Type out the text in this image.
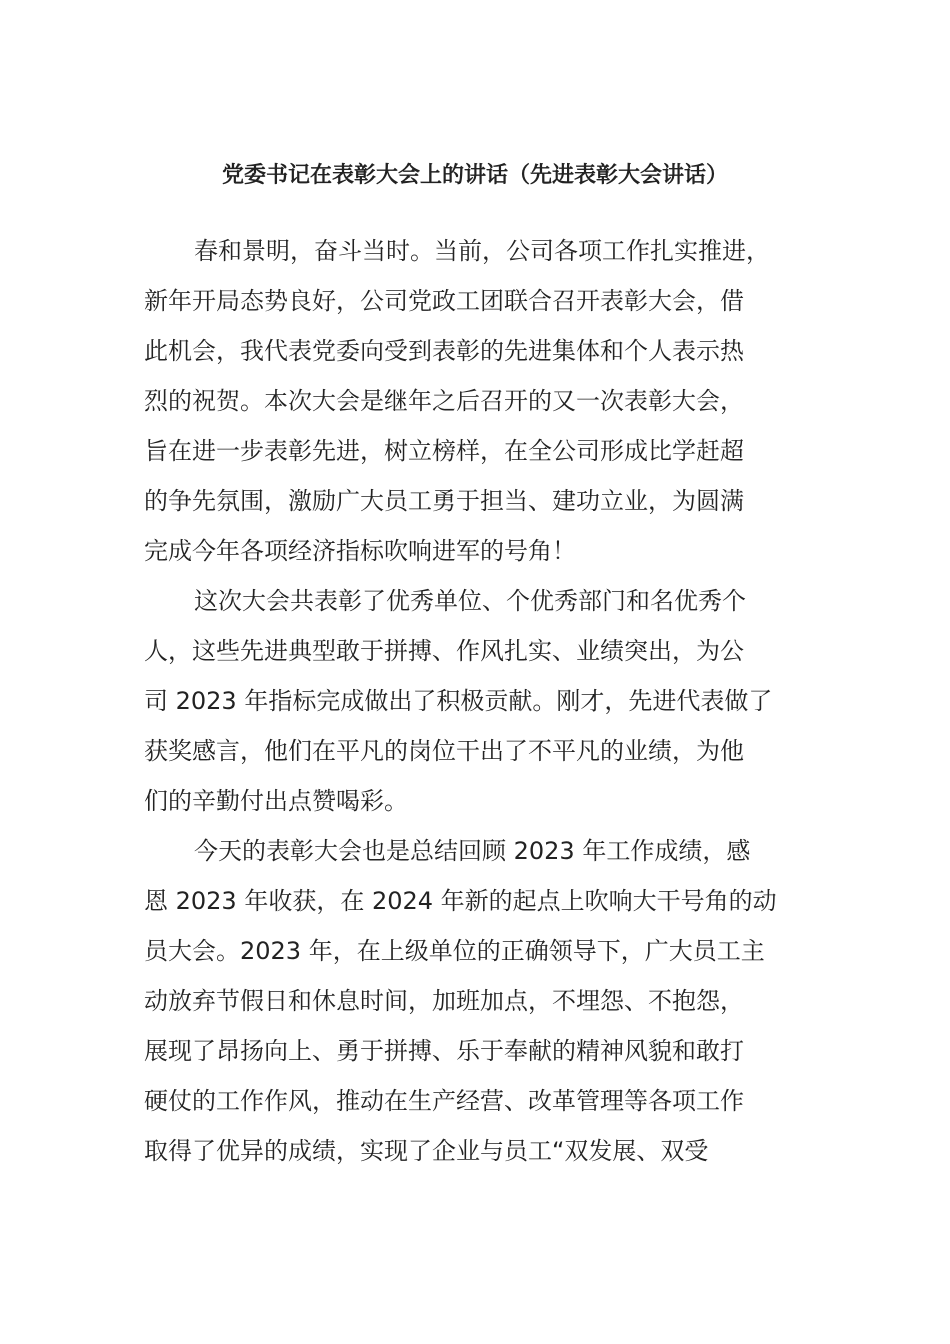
党委书记在表彰大会上的讲话（先进表彰大会讲话）
春和景明，奋斗当时。当前，公司各项工作扎实推进，
新年开局态势良好，公司党政工团联合召开表彰大会，借
此机会，我代表党委向受到表彰的先进集体和个人表示热
烈的祝贺。本次大会是继年之后召开的又一次表彰大会，
旨在进一步表彰先进，树立榜样，在全公司形成比学赶超
的争先氛围，激励广大员工勇于担当、建功立业，为圆满
完成今年各项经济指标吹响进军的号角！
这次大会共表彰了优秀单位、个优秀部门和名优秀个
人，这些先进典型敢于拼搏、作风扎实、业绩突出，为公
司 2023 年指标完成做出了积极贡献。刚才，先进代表做了
获奖感言，他们在平凡的岗位干出了不平凡的业绩，为他
们的辛勤付出点赞喝彩。
今天的表彰大会也是总结回顾 2023 年工作成绩，感
恩 2023 年收获，在 2024 年新的起点上吹响大干号角的动
员大会。2023 年，在上级单位的正确领导下，广大员工主
动放弃节假日和休息时间，加班加点，不埋怨、不抱怨，
展现了昂扬向上、勇于拼搏、乐于奉献的精神风貌和敢打
硬仗的工作作风，推动在生产经营、改革管理等各项工作
取得了优异的成绩，实现了企业与员工“双发展、双受
